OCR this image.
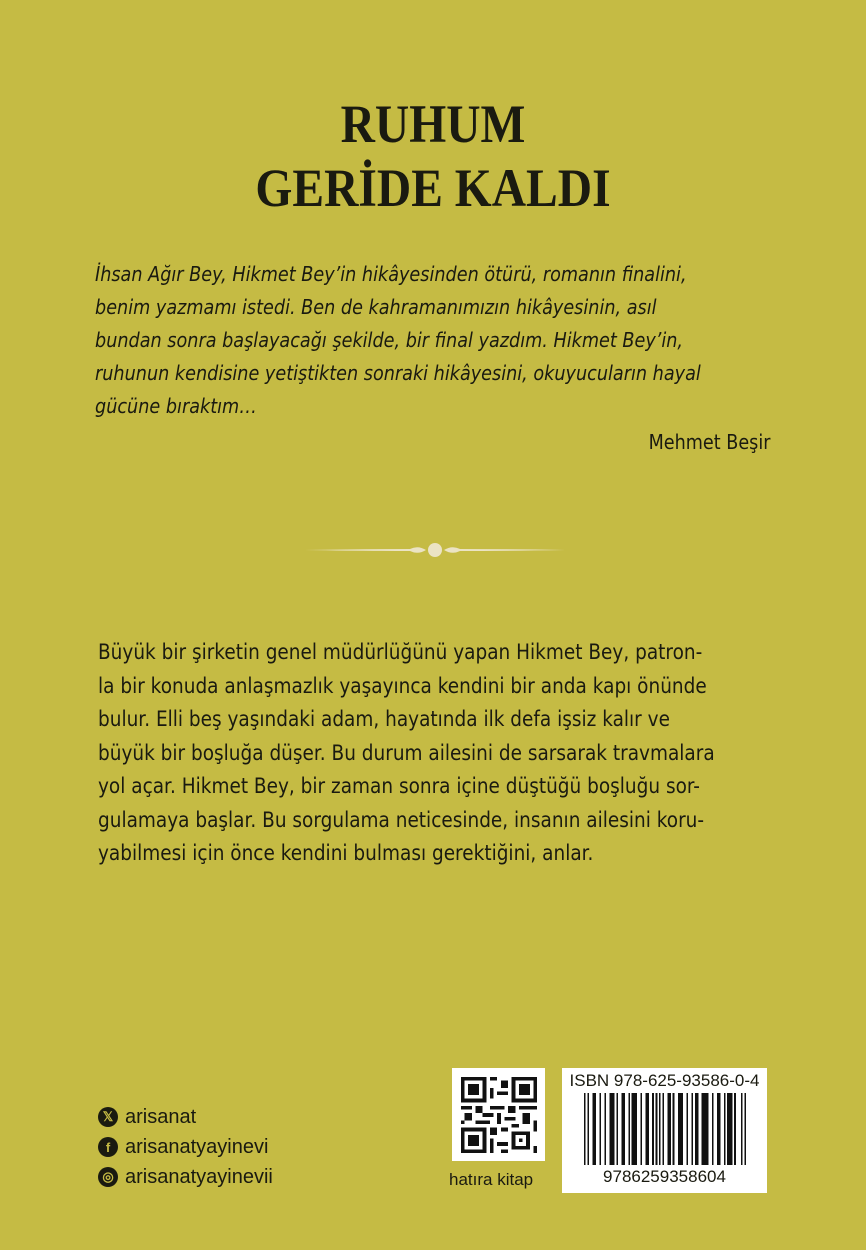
RUHUM
GERİDE KALDI
İhsan Ağır Bey, Hikmet Bey’in hikâyesinden ötürü, romanın finalini,
benim yazmamı istedi. Ben de kahramanımızın hikâyesinin, asıl
bundan sonra başlayacağı şekilde, bir final yazdım. Hikmet Bey’in,
ruhunun kendisine yetiştikten sonraki hikâyesini, okuyucuların hayal
gücüne bıraktım…
Mehmet Beşir
Büyük bir şirketin genel müdürlüğünü yapan Hikmet Bey, patron-
la bir konuda anlaşmazlık yaşayınca kendini bir anda kapı önünde
bulur. Elli beş yaşındaki adam, hayatında ilk defa işsiz kalır ve
büyük bir boşluğa düşer. Bu durum ailesini de sarsarak travmalara
yol açar. Hikmet Bey, bir zaman sonra içine düştüğü boşluğu sor-
gulamaya başlar. Bu sorgulama neticesinde, insanın ailesini koru-
yabilmesi için önce kendini bulması gerektiğini, anlar.
𝕏 arisanat
f arisanatyayinevi
◎ arisanatyayinevii	hatıra kitap
ISBN 978-625-93586-0-4
9786259358604
